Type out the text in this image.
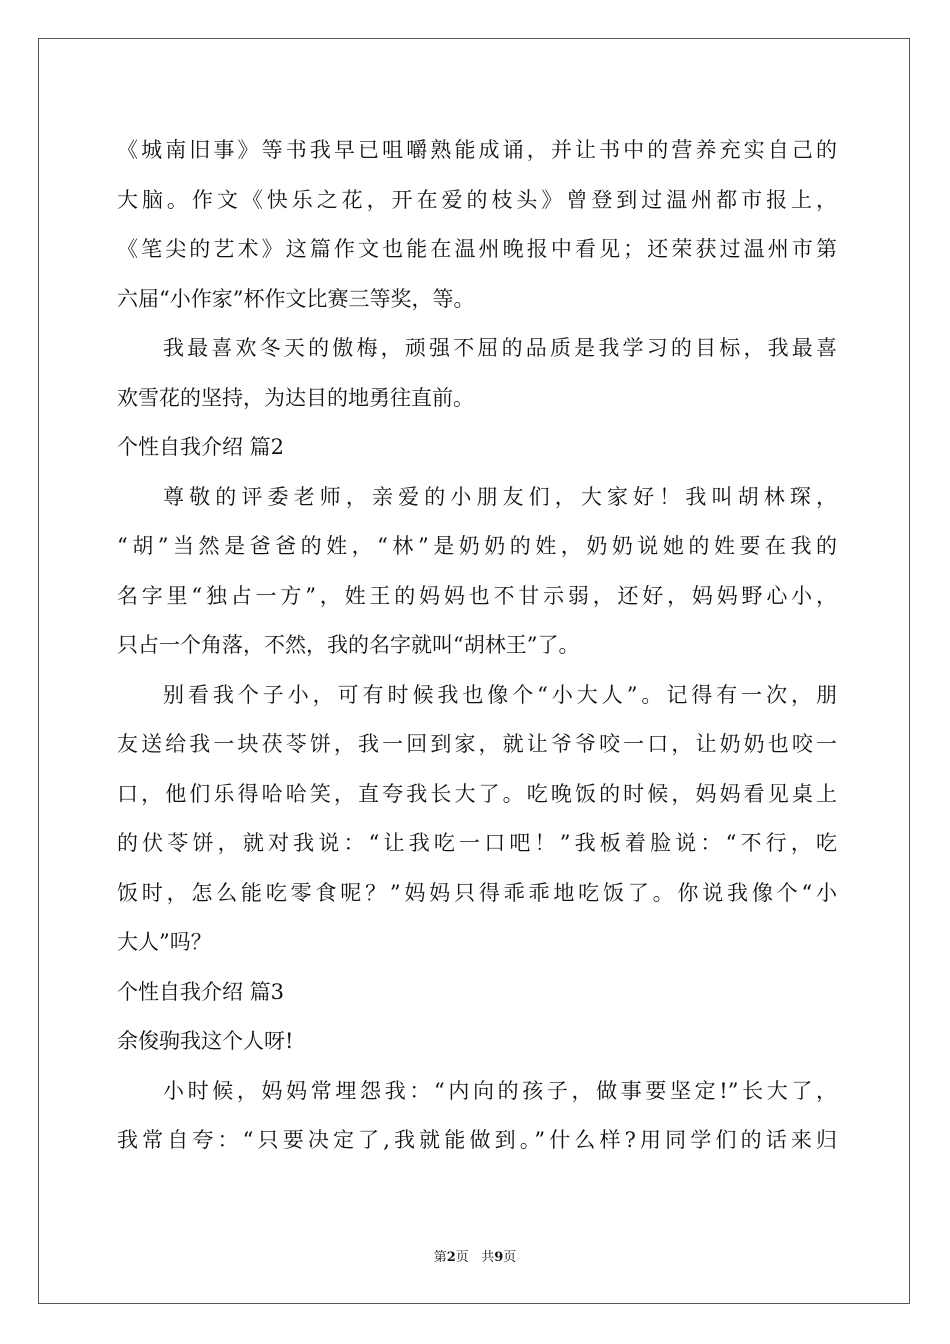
《城南旧事》等书我早已咀嚼熟能成诵，并让书中的营养充实自己的
大脑。作文《快乐之花，开在爱的枝头》曾登到过温州都市报上，
《笔尖的艺术》这篇作文也能在温州晚报中看见；还荣获过温州市第
六届“小作家”杯作文比赛三等奖，等。
我最喜欢冬天的傲梅，顽强不屈的品质是我学习的目标，我最喜
欢雪花的坚持，为达目的地勇往直前。
个性自我介绍 篇2
尊敬的评委老师，亲爱的小朋友们，大家好！我叫胡林琛，
“胡”当然是爸爸的姓，“林”是奶奶的姓，奶奶说她的姓要在我的
名字里“独占一方”，姓王的妈妈也不甘示弱，还好，妈妈野心小，
只占一个角落，不然，我的名字就叫“胡林王”了。
别看我个子小，可有时候我也像个“小大人”。记得有一次，朋
友送给我一块茯苓饼，我一回到家，就让爷爷咬一口，让奶奶也咬一
口，他们乐得哈哈笑，直夸我长大了。吃晚饭的时候，妈妈看见桌上
的伏苓饼，就对我说：“让我吃一口吧！”我板着脸说：“不行，吃
饭时，怎么能吃零食呢？”妈妈只得乖乖地吃饭了。你说我像个“小
大人”吗？
个性自我介绍 篇3
余俊驹我这个人呀!
小时候，妈妈常埋怨我：“内向的孩子，做事要坚定!”长大了，
我常自夸：“只要决定了,我就能做到。”什么样?用同学们的话来归
第2页 共9页
